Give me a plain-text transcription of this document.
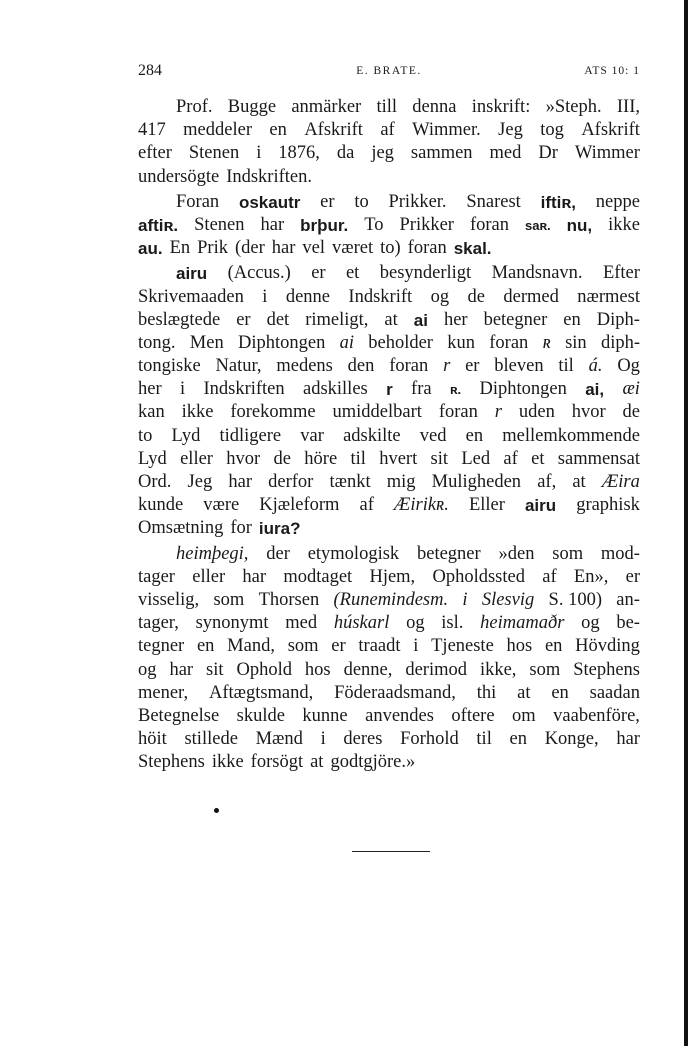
284	E. BRATE.	ATS 10: 1
Prof. Bugge anmärker till denna inskrift: »Steph. III,
417 meddeler en Afskrift af Wimmer. Jeg tog Afskrift
efter Stenen i 1876, da jeg sammen med Dr Wimmer
undersögte Indskriften.
Foran oskautr er to Prikker. Snarest iftiʀ, neppe
aftiʀ. Stenen har brþur. To Prikker foran saʀ. nu, ikke
au. En Prik (der har vel været to) foran skal.
airu (Accus.) er et besynderligt Mandsnavn. Efter
Skrivemaaden i denne Indskrift og de dermed nærmest
beslægtede er det rimeligt, at ai her betegner en Diph-
tong. Men Diphtongen ai beholder kun foran ʀ sin diph-
tongiske Natur, medens den foran r er bleven til á. Og
her i Indskriften adskilles r fra ʀ. Diphtongen ai, æi
kan ikke forekomme umiddelbart foran r uden hvor de
to Lyd tidligere var adskilte ved en mellemkommende
Lyd eller hvor de höre til hvert sit Led af et sammensat
Ord. Jeg har derfor tænkt mig Muligheden af, at Æira
kunde være Kjæleform af Æirikʀ. Eller airu graphisk
Omsætning for iura?
heimþegi, der etymologisk betegner »den som mod-
tager eller har modtaget Hjem, Opholdssted af En», er
visselig, som Thorsen (Runemindesm. i Slesvig S. 100) an-
tager, synonymt med húskarl og isl. heimamaðr og be-
tegner en Mand, som er traadt i Tjeneste hos en Hövding
og har sit Ophold hos denne, derimod ikke, som Stephens
mener, Aftægtsmand, Föderaadsmand, thi at en saadan
Betegnelse skulde kunne anvendes oftere om vaabenföre,
höit stillede Mænd i deres Forhold til en Konge, har
Stephens ikke forsögt at godtgjöre.»
